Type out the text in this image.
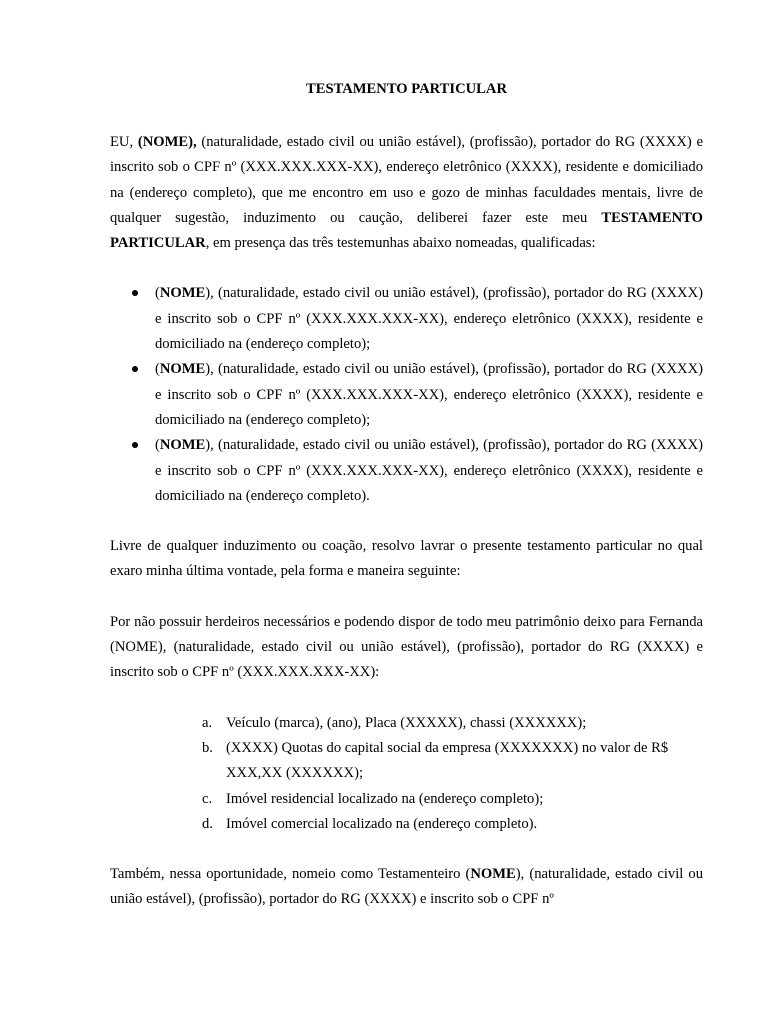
TESTAMENTO PARTICULAR

EU, (NOME), (naturalidade, estado civil ou união estável), (profissão), portador do RG (XXXX) e inscrito sob o CPF nº (XXX.XXX.XXX-XX), endereço eletrônico (XXXX), residente e domiciliado na (endereço completo), que me encontro em uso e gozo de minhas faculdades mentais, livre de qualquer sugestão, induzimento ou caução, deliberei fazer este meu TESTAMENTO PARTICULAR, em presença das três testemunhas abaixo nomeadas, qualificadas:

(NOME), (naturalidade, estado civil ou união estável), (profissão), portador do RG (XXXX) e inscrito sob o CPF nº (XXX.XXX.XXX-XX), endereço eletrônico (XXXX), residente e domiciliado na (endereço completo);
(NOME), (naturalidade, estado civil ou união estável), (profissão), portador do RG (XXXX) e inscrito sob o CPF nº (XXX.XXX.XXX-XX), endereço eletrônico (XXXX), residente e domiciliado na (endereço completo);
(NOME), (naturalidade, estado civil ou união estável), (profissão), portador do RG (XXXX) e inscrito sob o CPF nº (XXX.XXX.XXX-XX), endereço eletrônico (XXXX), residente e domiciliado na (endereço completo).

Livre de qualquer induzimento ou coação, resolvo lavrar o presente testamento particular no qual exaro minha última vontade, pela forma e maneira seguinte:

Por não possuir herdeiros necessários e podendo dispor de todo meu patrimônio deixo para Fernanda (NOME), (naturalidade, estado civil ou união estável), (profissão), portador do RG (XXXX) e inscrito sob o CPF nº (XXX.XXX.XXX-XX):

a. Veículo (marca), (ano), Placa (XXXXX), chassi (XXXXXX);
b. (XXXX) Quotas do capital social da empresa (XXXXXXX) no valor de R$ XXX,XX (XXXXXX);
c. Imóvel residencial localizado na (endereço completo);
d. Imóvel comercial localizado na (endereço completo).

Também, nessa oportunidade, nomeio como Testamenteiro (NOME), (naturalidade, estado civil ou união estável), (profissão), portador do RG (XXXX) e inscrito sob o CPF nº
